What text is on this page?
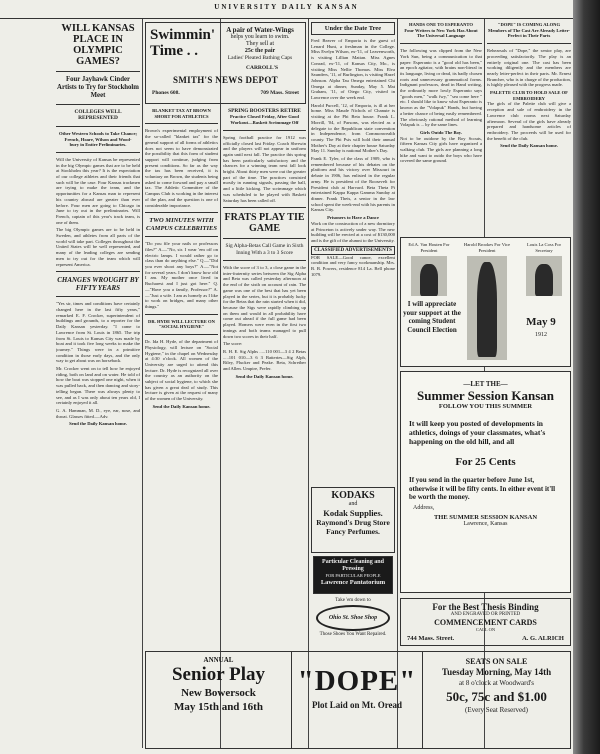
UNIVERSITY DAILY KANSAN
WILL KANSAS PLACE IN OLYMPIC GAMES?
Four Jayhawk Cinder Artists to Try for Stockholm Meet
COLLEGES WELL REPRESENTED
Other Western Schools to Take Chance;
French, Hoare, Wilson and Wood-
bury in Entire Preliminaries.

Will the University of Kansas be represented in the big Olympic games that are to be held at Stockholm this year? It is the expectation of our college athletes and their friends that such will be the case. Four Kansas trackmen are trying to make the team, and the opportunities for a Kansas man to represent his country abroad are greater than ever before. Four men are going to Chicago in June to try out in the preliminaries. Will French, captain of this year's track team, is one of them.

The big Olympic games are to be held in Sweden, and athletes from all parts of the world will take part. Colleges throughout the United States will be well represented, and many of the leading colleges are sending men to try out for the team which will represent America.

CHANGES WROUGHT BY FIFTY YEARS

"Yes sir, times and conditions have certainly changed here in the last fifty years," remarked E. F. Crocker, superintendent of buildings and grounds, to a reporter for the Daily Kansan yesterday. "I came to Lawrence from St. Louis in 1865. The trip from St. Louis to Kansas City was made by boat and it took five long weeks to make the journey." Things were in a primitive condition in those early days, and the only way to get about was on horseback.

Mr. Crocker went on to tell how he enjoyed riding, both on land and on water. He told of how the boat was stopped one night, when it was pulled back, and then dancing and story-telling began. There was always plenty to see, and as I was only about ten years old, I certainly enjoyed it all.

G. A. Hamman, M. D., eye, ear, nose, and throat. Glasses fitted.—Adv.

Send the Daily Kansan home.
Swimmin'
Time . .
A pair of Water-Wings
helps you learn to swim.
They sell at
25c the pair
Ladies' Pleated Bathing Caps
SMITH'S NEWS DEPOT
CARROLL'S
Phones 608.	709 Mass. Street
BLANKET TAX AT BROWN SHORT FOR ATHLETICS

Brown's experimental employment of the so-called "blanket tax" for the general support of all forms of athletics does not seem to have demonstrated the possibility that this form of student support will continue, judging from present conditions. So far as the way the tax has been received, it is voluntary on Brown, the students being asked to come forward and pay a small tax. The Athletic Committee of the Campus Club is working in the interest of the plan, and the question is one of considerable importance.

TWO MINUTES WITH CAMPUS CELEBRITIES

"Do you file your nails or professors files?" A.—"No, sir. I wear 'em off on electric lamps. I would rather go to class than do anything else." Q.—"Did you ever shoot any boys?" A.—"Not for several years. I don't know how old I am. My mother once lived in Bucharest and I just got here." Q.—"Have you a family, Professor?" A.—"Just a wife. I am as homely as I like to work on bridges, and many other things."

DR. HYDE WILL LECTURE ON "SOCIAL HYGIENE"

Dr. Ida H. Hyde, of the department of Physiology, will lecture on "Social Hygiene," in the chapel on Wednesday at 4:30 o'clock. All women of the University are urged to attend this lecture. Dr. Hyde is recognized all over the country as an authority on the subject of social hygiene, to which she has given a great deal of study. This lecture is given at the request of many of the women of the University.

Send the Daily Kansan home.
SPRING BOOSTERS RETIRE
Practice Closed Friday, After Good Workout—Baskett Scrimmage Off

Spring football practice for 1912 was officially closed last Friday. Coach Sherwin and the players will not appear in uniform again until next fall. The practice this spring has been particularly satisfactory and the chances for a winning team next fall look bright. About thirty men were out the greater part of the time. The practices consisted mostly in running signals, passing the ball, and a little kicking. The scrimmage which was scheduled to be played with Baskett Saturday has been called off.

FRATS PLAY TIE GAME
Sig Alpha-Betas Call Game in Sixth Inning With a 3 to 3 Score

With the score of 3 to 3, a close game in the inter-fraternity series between the Sig Alpha and Beta was called yesterday afternoon at the end of the sixth on account of rain. The game was one of the best that has yet been played in the series, but it is probably lucky for the Betas that the rain started when it did, because the Sigs were rapidly climbing up on them and would in all probability have come out ahead if the full game had been played. Homers were even in the first two innings and both teams managed to pull down two scores in their half.

The score:

R. H. E. Sig Alphs .....110 001—3 4 2 Betas .....101 010—3 6 3 Batteries—Sig Alph, Riley, Flucker and Peake. Beta, Schreiber and Allen. Umpire, Prefer.

Send the Daily Kansan home.
Under the Date Tree

Fred Beaver of Emporia is the guest of Lenard Hunt, a freshman in the College. Miss Evelyn Wilson, ex-'11, of Leavenworth, is visiting Lillian Mattan. Miss Agnes Conrad, ex-'11, of Kansas City, Mo., is visiting Miss Nellie Thomas. Miss Elva Saunders, '11, of Burlington, is visiting Hazel Johnson. Alpha Tau Omega entertained Chi Omega at dinner, Sunday, May 5. Mat Graham, '11, of Otego City, visited in Lawrence over the week end.

Harold Purcell, '12, of Emporia, is ill at her home. Miss Maude Nichols of Chanute is visiting at the Phi Beta house. Frank L. Morrill, '04, of Parsons, was elected as a delegate to the Republican state convention in Independence, from Commonwealth county. The Phi Psis will hold their annual Mother's Day at their chapter house Saturday May 11. Sunday is national Mother's Day.

Frank E. Tyler, of the class of 1909, who is remembered because of his debates on the platform and his victory over Missouri in debate in 1906, has enlisted in the regular army. He is president of the Roosevelt for President club at Harvard. Beta Theta Pi entertained Kappa Kappa Gamma Sunday at dinner. Frank Theis, a senior in the law school spent the week-end with his parents in Kansas City.

Prisoners to Have a Dance

Work on the construction of a new dormitory at Princeton is actively under way. The new building will be erected at a cost of $130,000 and is the gift of the alumni to the University.

CLASSIFIED ADVERTISEMENTS

FOR SALE—Good canoe, excellent condition and very fancy workmanship. Mrs. B. B. Powers, residence 814 La. Bell phone 1079.

KODAKS
and
Kodak Supplies.
Raymond's Drug Store
Fancy Perfumes.
Particular Cleaning and
Pressing
FOR PARTICULAR PEOPLE
Lawrence Pantatorium
Take 'em down to
Ohio St. Shoe Shop
Those Shoes You Want Repaired.
HANDS ONE TO ESPERANTO
Four Writers to New York Has About The Universal Language

The following was clipped from the New York Sun, being a communication to that paper: Esperanto is a "good old has been," an epoch agitator, with brains non-literal in its language, living or dead, its badly chosen roots and unnecessary grammatical forms. Indignant professors, dead in Hand writing, the ordinarily more lowly Esperanto says "goods men," "walk fwy," "sea come here " etc. I should like to know what Esperanto is known as the "Volapuk" Hands, but having a better chance of being easily remembered. The obviously rational method of learning Volapuk is ... by the same lines.

Girls Outdo The Boy.

Not to be outdone by the Boy Scouts, fifteen Kansas City girls have organized a walking club. The girls are planning a long hike and want to outdo the boys who have covered the same ground.

"DOPE" IS COMING ALONG
Members of The Cast Are Already Letter-Perfect in Their Parts

Rehearsals of "Dope," the senior play, are proceeding satisfactorily. The play is an entirely original one. The cast has been working diligently and the members are nearly letter-perfect in their parts. Mr. Ernest Bruncher, who is in charge of the production, is highly pleased with the progress made.

PALETTE CLUB TO HOLD SALE OF EMBROIDERY

The girls of the Palette club will give a reception and sale of embroidery in the Lawrence club rooms next Saturday afternoon. Several of the girls have already prepared and handsome articles of embroidery. The proceeds will be used for the benefit of the club.

Send the Daily Kansan home.
Ed.A. Van Houten For President
Harold Brookes For Vice President
Louis La Coss For Secretary
I will appreciate your support at the coming Student Council Election
May 9
1912
—LET THE—
Summer Session Kansan
FOLLOW YOU THIS SUMMER
It will keep you posted of developments in athletics, doings of your classmates, what's happening on the old hill, and all
For 25 Cents
If you send in the quarter before June 1st, otherwise it will be fifty cents. In either event it'll be worth the money.
Address,
THE SUMMER SESSION KANSAN
Lawrence, Kansas
For the Best Thesis Binding
AND ENGRAVED OR PRINTED
COMMENCEMENT CARDS
CALL ON
744 Mass. Street.	A. G. ALRICH
ANNUAL
Senior Play
New Bowersock
May 15th and 16th
"DOPE"
Plot Laid on Mt. Oread
SEATS ON SALE
Tuesday Morning, May 14th
at 8 o'clock at Woodward's
50c, 75c and $1.00
(Every Seat Reserved)
